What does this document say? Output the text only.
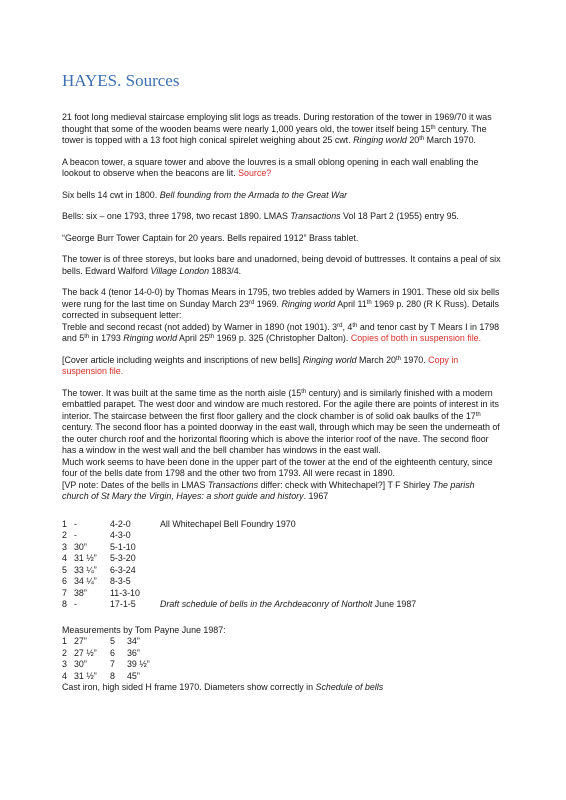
HAYES. Sources

21 foot long medieval staircase employing slit logs as treads. During restoration of the tower in 1969/70 it was thought that some of the wooden beams were nearly 1,000 years old, the tower itself being 15th century. The tower is topped with a 13 foot high conical spirelet weighing about 25 cwt. Ringing world 20th March 1970.

A beacon tower, a square tower and above the louvres is a small oblong opening in each wall enabling the lookout to observe when the beacons are lit. Source?

Six bells 14 cwt in 1800. Bell founding from the Armada to the Great War

Bells: six – one 1793, three 1798, two recast 1890. LMAS Transactions Vol 18 Part 2 (1955) entry 95.

“George Burr Tower Captain for 20 years. Bells repaired 1912” Brass tablet.

The tower is of three storeys, but looks bare and unadorned, being devoid of buttresses. It contains a peal of six bells. Edward Walford Village London 1883/4.

The back 4 (tenor 14-0-0) by Thomas Mears in 1795, two trebles added by Warners in 1901. These old six bells were rung for the last time on Sunday March 23rd 1969. Ringing world April 11th 1969 p. 280 (R K Russ). Details corrected in subsequent letter:
Treble and second recast (not added) by Warner in 1890 (not 1901). 3rd, 4th and tenor cast by T Mears I in 1798 and 5th in 1793 Ringing world April 25th 1969 p. 325 (Christopher Dalton). Copies of both in suspension file.

[Cover article including weights and inscriptions of new bells] Ringing world March 20th 1970. Copy in suspension file.

The tower. It was built at the same time as the north aisle (15th century) and is similarly finished with a modern embattled parapet. The west door and window are much restored. For the agile there are points of interest in its interior. The staircase between the first floor gallery and the clock chamber is of solid oak baulks of the 17th century. The second floor has a pointed doorway in the east wall, through which may be seen the underneath of the outer church roof and the horizontal flooring which is above the interior roof of the nave. The second floor has a window in the west wall and the bell chamber has windows in the east wall.
Much work seems to have been done in the upper part of the tower at the end of the eighteenth century, since four of the bells date from 1798 and the other two from 1793. All were recast in 1890.
[VP note: Dates of the bells in LMAS Transactions differ: check with Whitechapel?] T F Shirley The parish church of St Mary the Virgin, Hayes: a short guide and history. 1967

1	-	4-2-0	All Whitechapel Bell Foundry 1970
2	-	4-3-0	
3	30”	5-1-10	
4	31 ½”	5-3-20	
5	33 ¼”	6-3-24	
6	34 ¼”	8-3-5	
7	38”	11-3-10	
8	-	17-1-5	Draft schedule of bells in the Archdeaconry of Northolt June 1987

Measurements by Tom Payne June 1987:

1	27”	5	34”
2	27 ½”	6	36”
3	30”	7	39 ½”
4	31 ½”	8	45”

Cast iron, high sided H frame 1970. Diameters show correctly in Schedule of bells
